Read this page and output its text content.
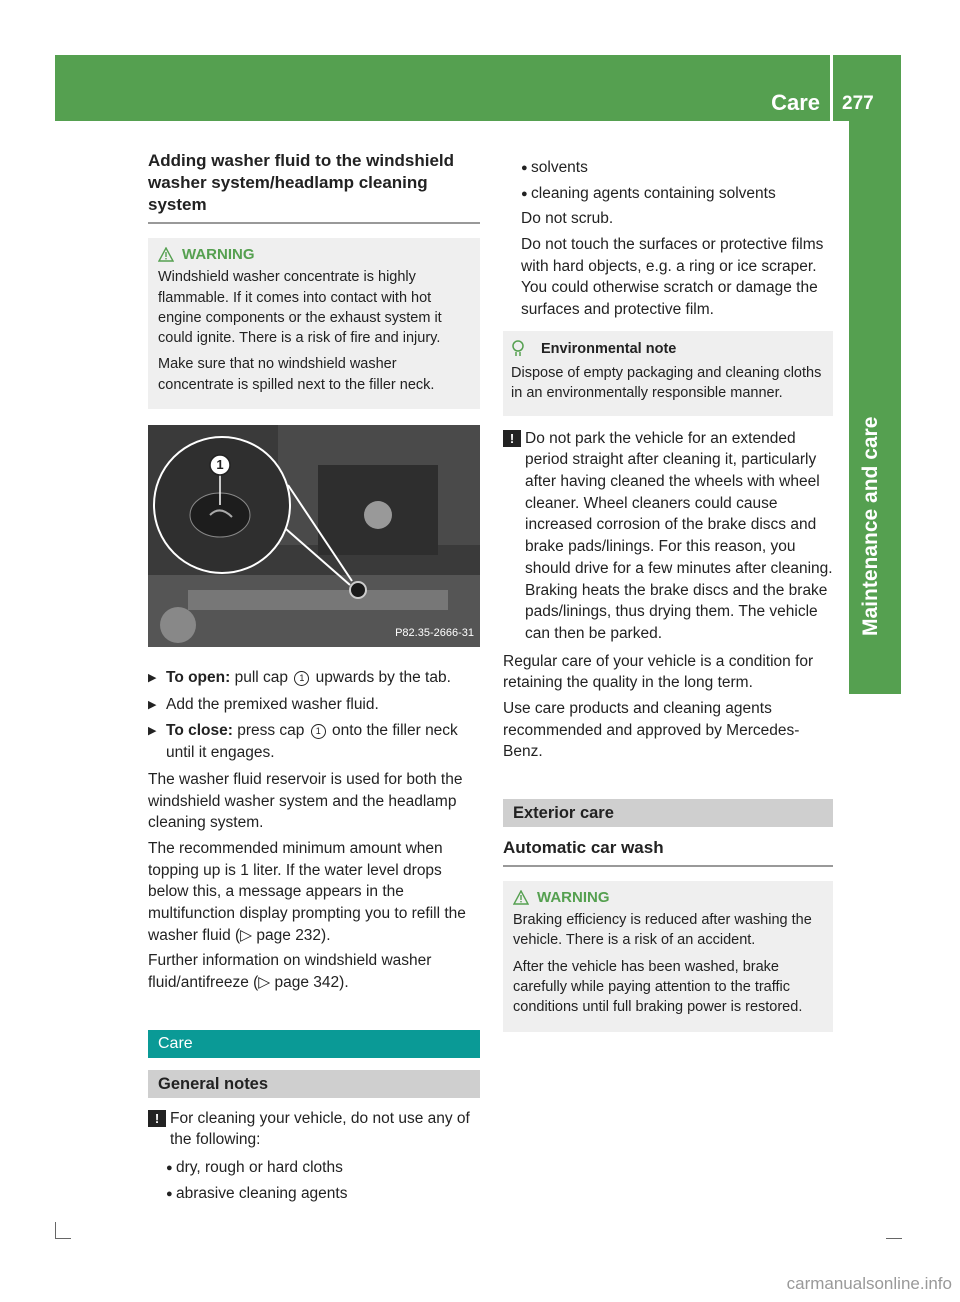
Care 277
Maintenance and care
Adding washer fluid to the windshield washer system/headlamp cleaning system
WARNING

Windshield washer concentrate is highly flammable. If it comes into contact with hot engine components or the exhaust system it could ignite. There is a risk of fire and injury.

Make sure that no windshield washer concentrate is spilled next to the filler neck.

1
P82.35-2666-31
▶ To open: pull cap 1 upwards by the tab.
▶ Add the premixed washer fluid.
▶ To close: press cap 1 onto the filler neck until it engages.

The washer fluid reservoir is used for both the windshield washer system and the headlamp cleaning system.

The recommended minimum amount when topping up is 1 liter. If the water level drops below this, a message appears in the multifunction display prompting you to refill the washer fluid (▷ page 232).

Further information on windshield washer fluid/antifreeze (▷ page 342).

Care
General notes
! For cleaning your vehicle, do not use any of the following:
● dry, rough or hard cloths
● abrasive cleaning agents
● solvents
● cleaning agents containing solvents

Do not scrub.

Do not touch the surfaces or protective films with hard objects, e.g. a ring or ice scraper. You could otherwise scratch or damage the surfaces and protective film.

Environmental note

Dispose of empty packaging and cleaning cloths in an environmentally responsible manner.

! Do not park the vehicle for an extended period straight after cleaning it, particularly after having cleaned the wheels with wheel cleaner. Wheel cleaners could cause increased corrosion of the brake discs and brake pads/linings. For this reason, you should drive for a few minutes after cleaning. Braking heats the brake discs and the brake pads/linings, thus drying them. The vehicle can then be parked.

Regular care of your vehicle is a condition for retaining the quality in the long term.

Use care products and cleaning agents recommended and approved by Mercedes-Benz.

Exterior care
Automatic car wash
WARNING

Braking efficiency is reduced after washing the vehicle. There is a risk of an accident.

After the vehicle has been washed, brake carefully while paying attention to the traffic conditions until full braking power is restored.

carmanualsonline.info
